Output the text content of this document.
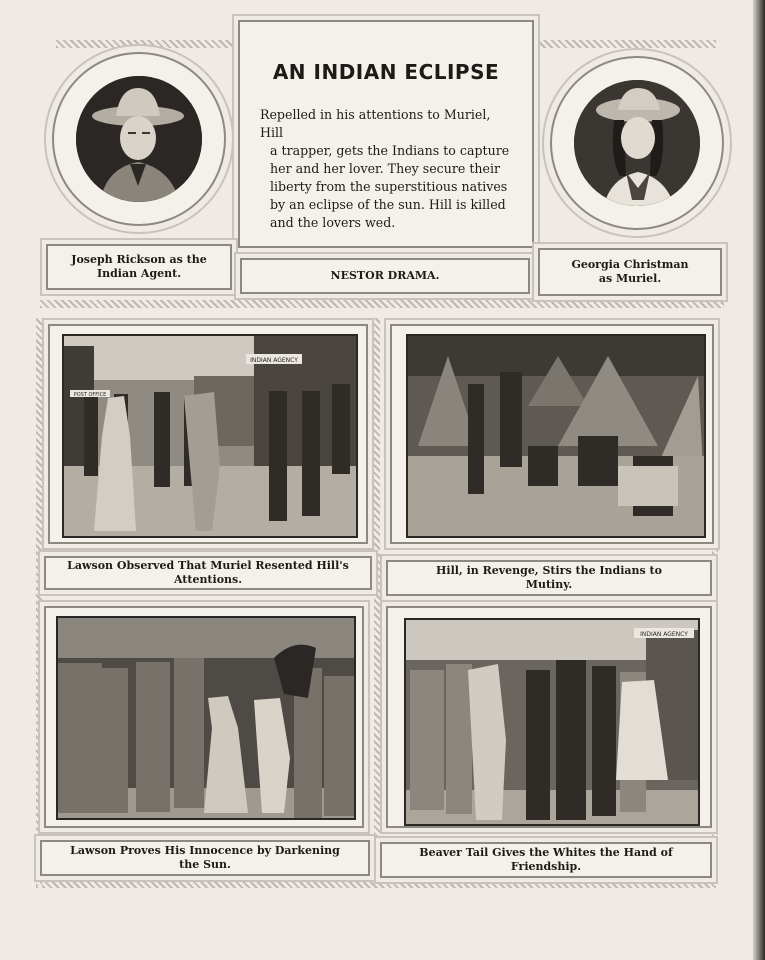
AN INDIAN ECLIPSE
Repelled in his attentions to Muriel, Hill
a trapper, gets the Indians to capture
her and her lover. They secure their
liberty from the superstitious natives
by an eclipse of the sun. Hill is killed
and the lovers wed.
Joseph Rickson as the
Indian Agent.	NESTOR DRAMA.
Georgia Christman
as Muriel.
INDIAN AGENCY
POST OFFICE
Lawson Observed That Muriel Resented Hill's
Attentions.
Hill, in Revenge, Stirs the Indians to
Mutiny.
Lawson Proves His Innocence by Darkening
the Sun.
INDIAN AGENCY
Beaver Tail Gives the Whites the Hand of
Friendship.
